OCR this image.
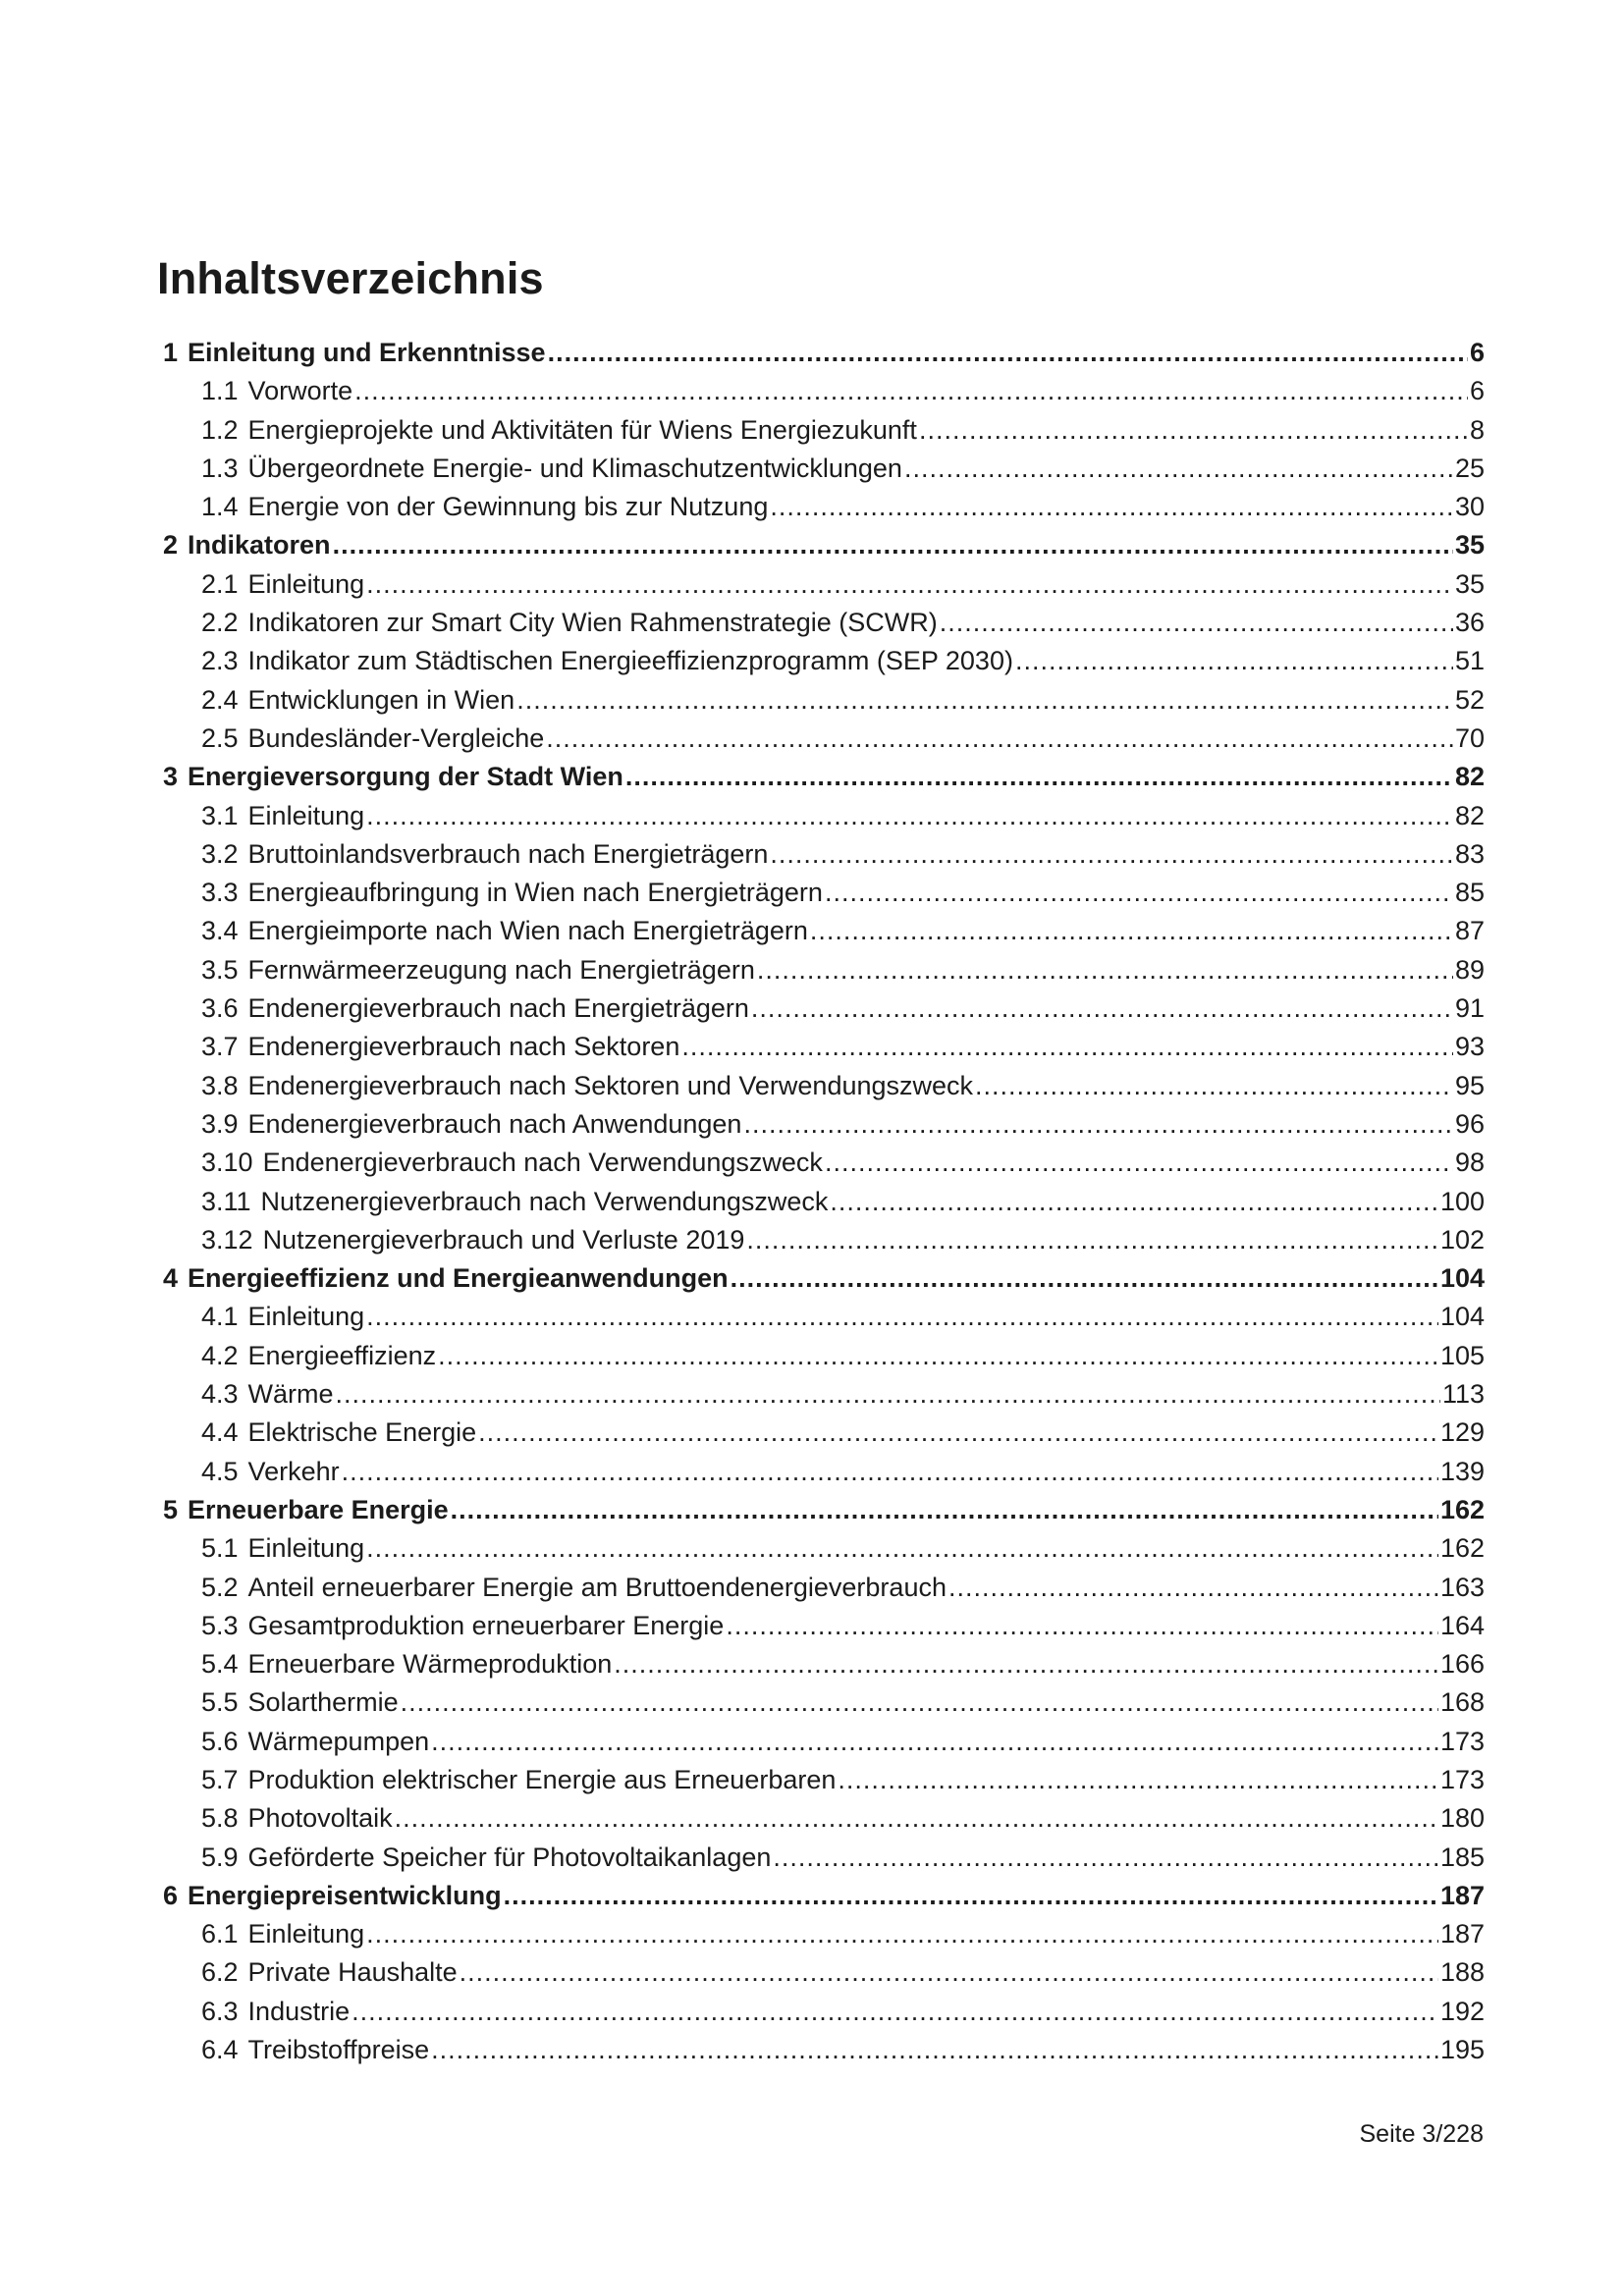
Inhaltsverzeichnis
1 Einleitung und Erkenntnisse .....	6
1.1 Vorworte .....	6
1.2 Energieprojekte und Aktivitäten für Wiens Energiezukunft .....	8
1.3 Übergeordnete Energie- und Klimaschutzentwicklungen .....	25
1.4 Energie von der Gewinnung bis zur Nutzung .....	30
2 Indikatoren .....	35
2.1 Einleitung .....	35
2.2 Indikatoren zur Smart City Wien Rahmenstrategie (SCWR) .....	36
2.3 Indikator zum Städtischen Energieeffizienzprogramm (SEP 2030) .....	51
2.4 Entwicklungen in Wien .....	52
2.5 Bundesländer-Vergleiche .....	70
3 Energieversorgung der Stadt Wien .....	82
3.1 Einleitung .....	82
3.2 Bruttoinlandsverbrauch nach Energieträgern .....	83
3.3 Energieaufbringung in Wien nach Energieträgern .....	85
3.4 Energieimporte nach Wien nach Energieträgern .....	87
3.5 Fernwärmeerzeugung nach Energieträgern .....	89
3.6 Endenergieverbrauch nach Energieträgern .....	91
3.7 Endenergieverbrauch nach Sektoren .....	93
3.8 Endenergieverbrauch nach Sektoren und Verwendungszweck .....	95
3.9 Endenergieverbrauch nach Anwendungen .....	96
3.10 Endenergieverbrauch nach Verwendungszweck .....	98
3.11 Nutzenergieverbrauch nach Verwendungszweck .....	100
3.12 Nutzenergieverbrauch und Verluste 2019 .....	102
4 Energieeffizienz und Energieanwendungen .....	104
4.1 Einleitung .....	104
4.2 Energieeffizienz .....	105
4.3 Wärme .....	113
4.4 Elektrische Energie .....	129
4.5 Verkehr .....	139
5 Erneuerbare Energie .....	162
5.1 Einleitung .....	162
5.2 Anteil erneuerbarer Energie am Bruttoendenergieverbrauch .....	163
5.3 Gesamtproduktion erneuerbarer Energie .....	164
5.4 Erneuerbare Wärmeproduktion .....	166
5.5 Solarthermie .....	168
5.6 Wärmepumpen .....	173
5.7 Produktion elektrischer Energie aus Erneuerbaren .....	173
5.8 Photovoltaik .....	180
5.9 Geförderte Speicher für Photovoltaikanlagen .....	185
6 Energiepreisentwicklung .....	187
6.1 Einleitung .....	187
6.2 Private Haushalte .....	188
6.3 Industrie .....	192
6.4 Treibstoffpreise .....	195
Seite 3/228
